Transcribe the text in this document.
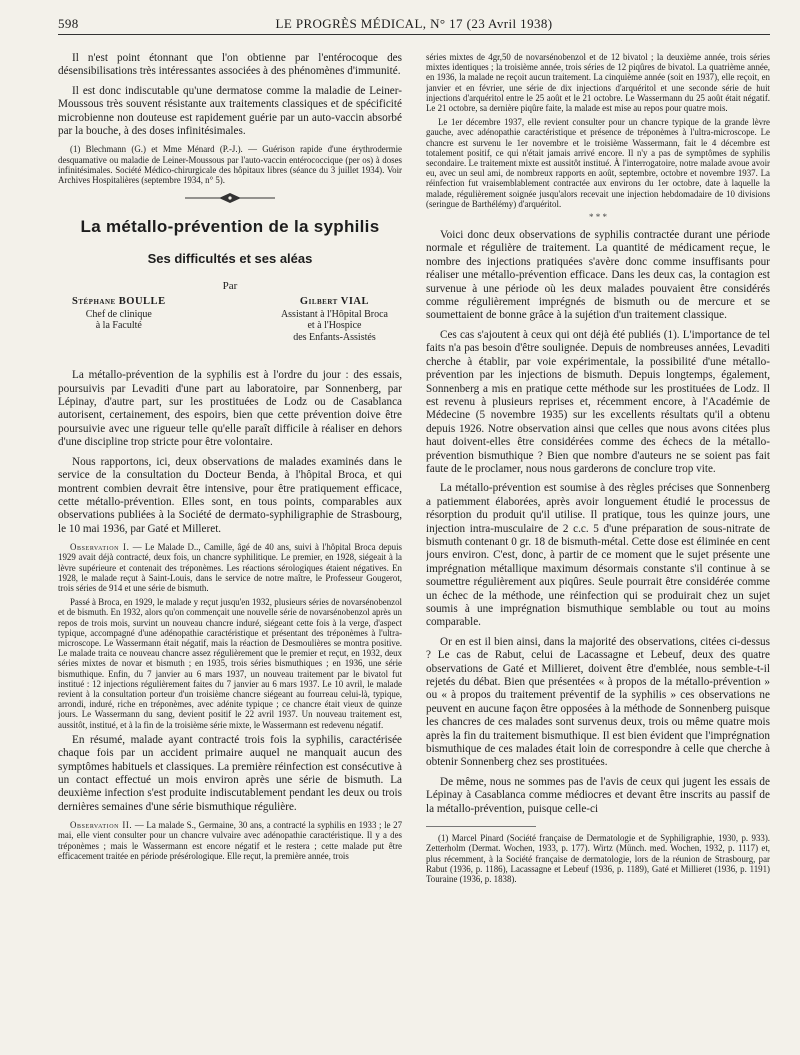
598	LE PROGRÈS MÉDICAL, N° 17 (23 Avril 1938)

Il n'est point étonnant que l'on obtienne par l'entérocoque des désensibilisations très intéressantes associées à des phénomènes d'immunité.

Il est donc indiscutable qu'une dermatose comme la maladie de Leiner-Moussous très souvent résistante aux traitements classiques et de spécificité microbienne non douteuse est rapidement guérie par un auto-vaccin absorbé par la bouche, à des doses infinitésimales.

(1) Blechmann (G.) et Mme Ménard (P.-J.). — Guérison rapide d'une érythrodermie desquamative ou maladie de Leiner-Moussous par l'auto-vaccin entérococcique (per os) à doses infinitésimales. Société Médico-chirurgicale des hôpitaux libres (séance du 3 juillet 1934). Voir Archives Hospitalières (septembre 1934, n° 5).

La métallo-prévention de la syphilis
Ses difficultés et ses aléas
Par
Stéphane BOULLE
Chef de clinique
à la Faculté
Gilbert VIAL
Assistant à l'Hôpital Broca
et à l'Hospice
des Enfants-Assistés

La métallo-prévention de la syphilis est à l'ordre du jour : des essais, poursuivis par Levaditi d'une part au laboratoire, par Sonnenberg, par Lépinay, d'autre part, sur les prostituées de Lodz ou de Casablanca autorisent, certainement, des espoirs, bien que cette prévention doive être poursuivie avec une rigueur telle qu'elle paraît difficile à réaliser en dehors d'une discipline trop stricte pour être volontaire.

Nous rapportons, ici, deux observations de malades examinés dans le service de la consultation du Docteur Benda, à l'hôpital Broca, et qui montrent combien devrait être intensive, pour être pratiquement efficace, cette métallo-prévention. Elles sont, en tous points, comparables aux observations publiées à la Société de dermato-syphiligraphie de Strasbourg, le 10 mai 1936, par Gaté et Milleret.

Observation I. — Le Malade D.., Camille, âgé de 40 ans, suivi à l'hôpital Broca depuis 1929 avait déjà contracté, deux fois, un chancre syphilitique. Le premier, en 1928, siégeait à la lèvre supérieure et contenait des tréponèmes. Les réactions sérologiques étaient négatives. En 1928, le malade reçut à Saint-Louis, dans le service de notre maître, le Professeur Gougerot, trois séries de 914 et une série de bismuth.

Passé à Broca, en 1929, le malade y reçut jusqu'en 1932, plusieurs séries de novarsénobenzol et de bismuth. En 1932, alors qu'on commençait une nouvelle série de novarsénobenzol après un repos de trois mois, survint un nouveau chancre induré, siégeant cette fois à la verge, d'aspect typique, accompagné d'une adénopathie caractéristique et présentant des tréponèmes à l'ultra-microscope. Le Wassermann était négatif, mais la réaction de Desmoulières se montra positive. Le malade traita ce nouveau chancre assez régulièrement que le premier et reçut, en 1932, deux séries mixtes de novar et bismuth ; en 1935, trois séries bismuthiques ; en 1936, une série bismuthique. Enfin, du 7 janvier au 6 mars 1937, un nouveau traitement par le bivatol fut institué : 12 injections régulièrement faites du 7 janvier au 6 mars 1937. Le 10 avril, le malade revient à la consultation porteur d'un troisième chancre siégeant au fourreau celui-là, typique, arrondi, induré, riche en tréponèmes, avec adénite typique ; ce chancre était vieux de quinze jours. Le Wassermann du sang, devient positif le 22 avril 1937. Un nouveau traitement est, aussitôt, institué, et à la fin de la troisième série mixte, le Wassermann est redevenu négatif.

En résumé, malade ayant contracté trois fois la syphilis, caractérisée chaque fois par un accident primaire auquel ne manquait aucun des symptômes habituels et classiques. La première réinfection est consécutive à un contact effectué un mois environ après une série de bismuth. La deuxième infection s'est produite indiscutablement pendant les deux ou trois dernières semaines d'une série bismuthique régulière.

Observation II. — La malade S., Germaine, 30 ans, a contracté la syphilis en 1933 ; le 27 mai, elle vient consulter pour un chancre vulvaire avec adénopathie caractéristique. Il y a des tréponèmes ; mais le Wassermann est encore négatif et le restera ; cette malade put être efficacement traitée en période présérologique. Elle reçut, la première année, trois

séries mixtes de 4gr,50 de novarsénobenzol et de 12 bivatol ; la deuxième année, trois séries mixtes identiques ; la troisième année, trois séries de 12 piqûres de bivatol. La quatrième année, en 1936, la malade ne reçoit aucun traitement. La cinquième année (soit en 1937), elle reçoit, en janvier et en février, une série de dix injections d'arquéritol et une seconde série de huit injections d'arquéritol entre le 25 août et le 21 octobre. Le Wassermann du 25 août était négatif. Le 21 octobre, sa dernière piqûre faite, la malade est mise au repos pour quatre mois.

Le 1er décembre 1937, elle revient consulter pour un chancre typique de la grande lèvre gauche, avec adénopathie caractéristique et présence de tréponèmes à l'ultra-microscope. Le chancre est survenu le 1er novembre et le troisième Wassermann, fait le 4 décembre est totalement positif, ce qui n'était jamais arrivé encore. Il n'y a pas de symptômes de syphilis secondaire. Le traitement mixte est aussitôt institué. À l'interrogatoire, notre malade avoue avoir eu, avec un seul ami, de nombreux rapports en août, septembre, octobre et novembre 1937. La réinfection fut vraisemblablement contractée aux environs du 1er octobre, date à laquelle la malade, régulièrement soignée jusqu'alors recevait une injection hebdomadaire de 10 divisions (seringue de Barthélémy) d'arquéritol.

* * *

Voici donc deux observations de syphilis contractée durant une période normale et régulière de traitement. La quantité de médicament reçue, le nombre des injections pratiquées s'avère donc comme insuffisants pour réaliser une métallo-prévention efficace. Dans les deux cas, la contagion est survenue à une période où les deux malades pouvaient être considérés comme régulièrement imprégnés de bismuth ou de mercure et se soumettaient de bonne grâce à la sujétion d'un traitement classique.

Ces cas s'ajoutent à ceux qui ont déjà été publiés (1). L'importance de tel faits n'a pas besoin d'être soulignée. Depuis de nombreuses années, Levaditi cherche à établir, par voie expérimentale, la possibilité d'une métallo-prévention par les injections de bismuth. Depuis longtemps, également, Sonnenberg a mis en pratique cette méthode sur les prostituées de Lodz. Il est revenu à plusieurs reprises et, récemment encore, à l'Académie de Médecine (5 novembre 1935) sur les excellents résultats qu'il a obtenu depuis 1926. Notre observation ainsi que celles que nous avons citées plus haut doivent-elles être considérées comme des échecs de la métallo-prévention bismuthique ? Bien que nombre d'auteurs ne se soient pas fait faute de le proclamer, nous nous garderons de conclure trop vite.

La métallo-prévention est soumise à des règles précises que Sonnenberg a patiemment élaborées, après avoir longuement étudié le processus de résorption du produit qu'il utilise. Il pratique, tous les quinze jours, une injection intra-musculaire de 2 c.c. 5 d'une préparation de sous-nitrate de bismuth contenant 0 gr. 18 de bismuth-métal. Cette dose est éliminée en cent jours environ. C'est, donc, à partir de ce moment que le sujet présente une imprégnation métallique maximum désormais constante s'il continue à se soumettre régulièrement aux piqûres. Seule pourrait être considérée comme un échec de la méthode, une réinfection qui se produirait chez un sujet soumis à une imprégnation bismuthique semblable ou tout au moins comparable.

Or en est il bien ainsi, dans la majorité des observations, citées ci-dessus ? Le cas de Rabut, celui de Lacassagne et Lebeuf, deux des quatre observations de Gaté et Millieret, doivent être d'emblée, nous semble-t-il rejetés du débat. Bien que présentées « à propos de la métallo-prévention » ou « à propos du traitement préventif de la syphilis » ces observations ne peuvent en aucune façon être opposées à la méthode de Sonnenberg puisque les chancres de ces malades sont survenus deux, trois ou même quatre mois après la fin du traitement bismuthique. Il est bien évident que l'imprégnation bismuthique de ces malades était loin de correspondre à celle que cherche à obtenir Sonnenberg chez ses prostituées.

De même, nous ne sommes pas de l'avis de ceux qui jugent les essais de Lépinay à Casablanca comme médiocres et devant être inscrits au passif de la métallo-prévention, puisque celle-ci

(1) Marcel Pinard (Société française de Dermatologie et de Syphiligraphie, 1930, p. 933). Zetterholm (Dermat. Wochen, 1933, p. 177). Wirtz (Münch. med. Wochen, 1932, p. 1117) et, plus récemment, à la Société française de dermatologie, lors de la réunion de Strasbourg, par Rabut (1936, p. 1186), Lacassagne et Lebeuf (1936, p. 1189), Gaté et Millieret (1936, p. 1191) Touraine (1936, p. 1838).
